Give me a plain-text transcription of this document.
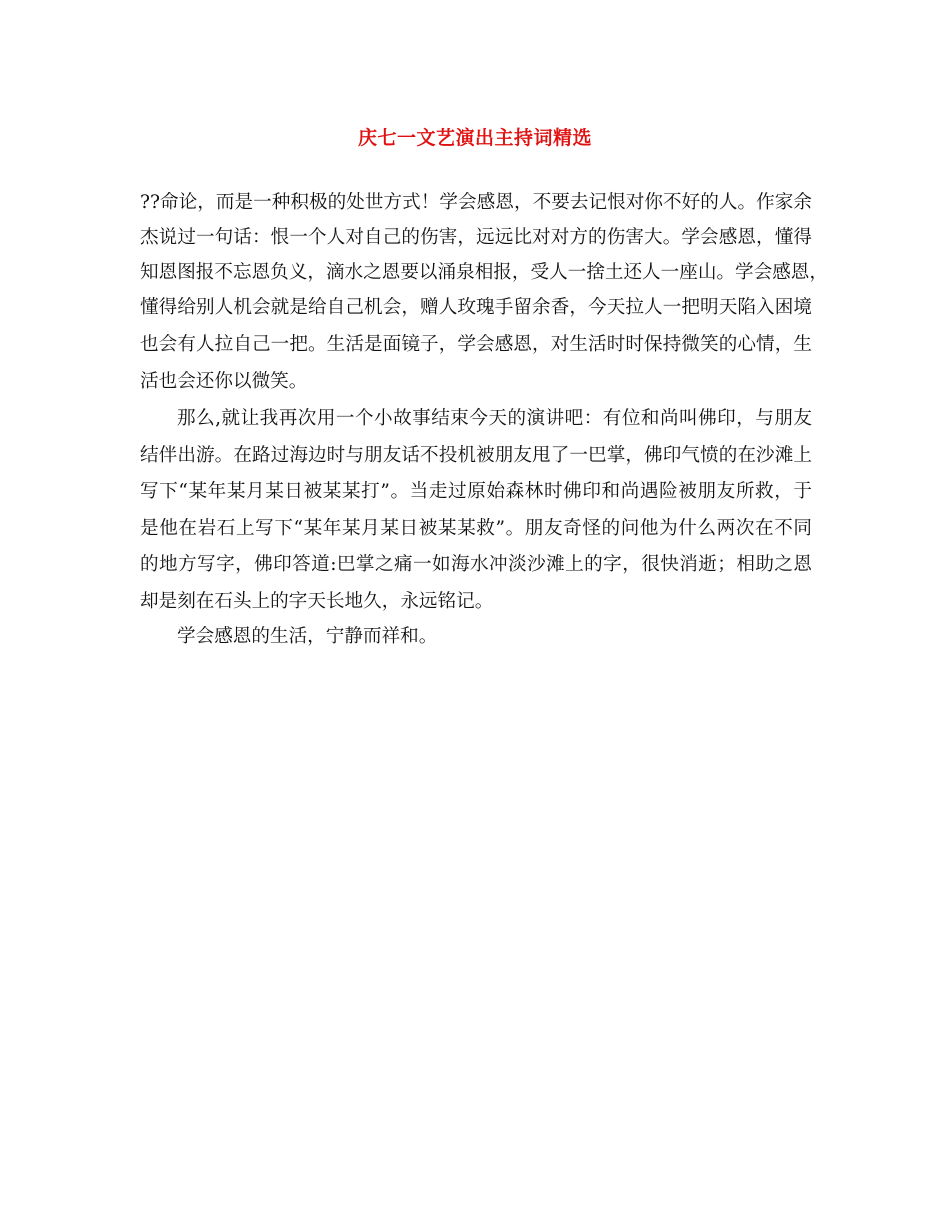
庆七一文艺演出主持词精选
??命论，而是一种积极的处世方式！学会感恩，不要去记恨对你不好的人。作家余
杰说过一句话：恨一个人对自己的伤害，远远比对对方的伤害大。学会感恩，懂得
知恩图报不忘恩负义，滴水之恩要以涌泉相报，受人一捨土还人一座山。学会感恩，
懂得给别人机会就是给自己机会，赠人玫瑰手留余香，今天拉人一把明天陷入困境
也会有人拉自己一把。生活是面镜子，学会感恩，对生活时时保持微笑的心情，生
活也会还你以微笑。
那么,就让我再次用一个小故事结束今天的演讲吧：有位和尚叫佛印，与朋友
结伴出游。在路过海边时与朋友话不投机被朋友甩了一巴掌，佛印气愤的在沙滩上
写下“某年某月某日被某某打”。当走过原始森林时佛印和尚遇险被朋友所救，于
是他在岩石上写下“某年某月某日被某某救”。朋友奇怪的问他为什么两次在不同
的地方写字，佛印答道:巴掌之痛一如海水冲淡沙滩上的字，很快消逝；相助之恩
却是刻在石头上的字天长地久，永远铭记。
学会感恩的生活，宁静而祥和。
